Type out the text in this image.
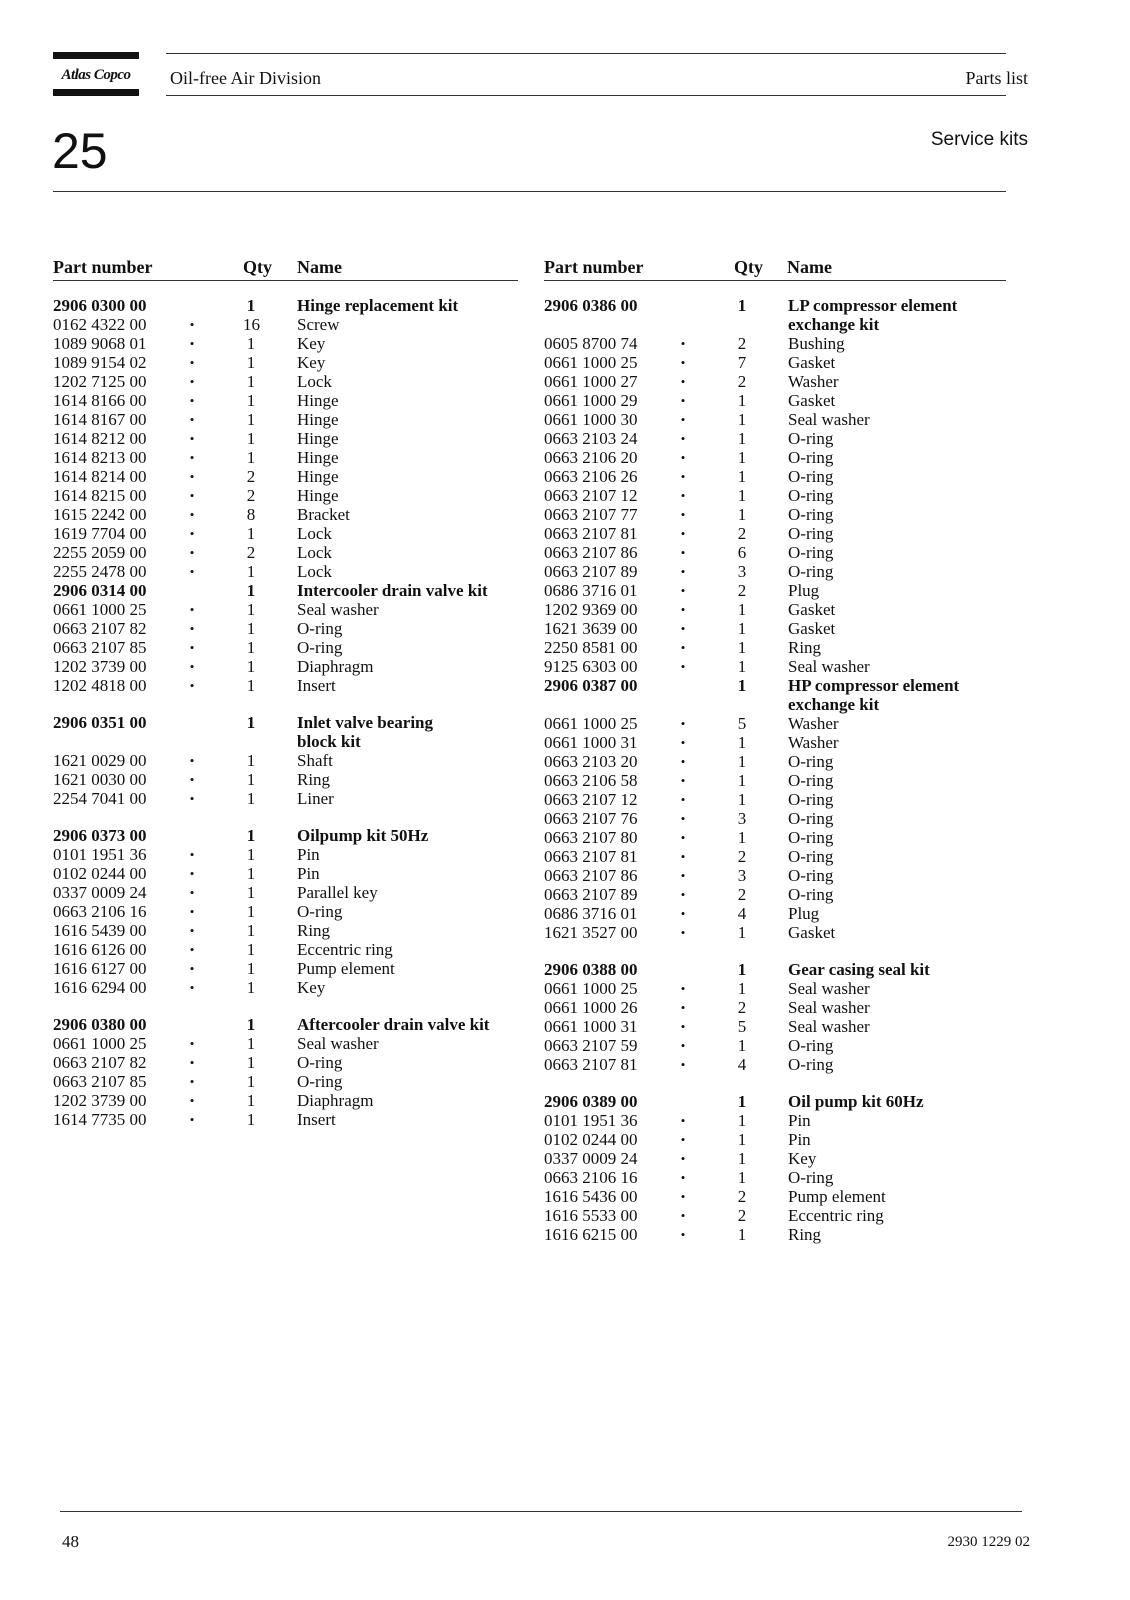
Atlas Copco	Oil-free Air Division	Parts list
25	Service kits
Part number	Qty Name	Part number	Qty Name
2906 0300 00	1 Hinge replacement kit
0162 4322 00	•	16 Screw
1089 9068 01	•	1 Key
1089 9154 02	•	1 Key
1202 7125 00	•	1 Lock
1614 8166 00	•	1 Hinge
1614 8167 00	•	1 Hinge
1614 8212 00	•	1 Hinge
1614 8213 00	•	1 Hinge
1614 8214 00	•	2 Hinge
1614 8215 00	•	2 Hinge
1615 2242 00	•	8 Bracket
1619 7704 00	•	1 Lock
2255 2059 00	•	2 Lock
2255 2478 00	•	1 Lock
2906 0314 00	1 Intercooler drain valve kit
0661 1000 25	•	1 Seal washer
0663 2107 82	•	1 O-ring
0663 2107 85	•	1 O-ring
1202 3739 00	•	1 Diaphragm
1202 4818 00	•	1 Insert
2906 0351 00	1 Inlet valve bearing
block kit
1621 0029 00	•	1 Shaft
1621 0030 00	•	1 Ring
2254 7041 00	•	1 Liner
2906 0373 00	1 Oilpump kit 50Hz
0101 1951 36	•	1 Pin
0102 0244 00	•	1 Pin
0337 0009 24	•	1 Parallel key
0663 2106 16	•	1 O-ring
1616 5439 00	•	1 Ring
1616 6126 00	•	1 Eccentric ring
1616 6127 00	•	1 Pump element
1616 6294 00	•	1 Key
2906 0380 00	1 Aftercooler drain valve kit
0661 1000 25	•	1 Seal washer
0663 2107 82	•	1 O-ring
0663 2107 85	•	1 O-ring
1202 3739 00	•	1 Diaphragm
1614 7735 00	•	1 Insert
2906 0386 00	1 LP compressor element
exchange kit
0605 8700 74	•	2 Bushing
0661 1000 25	•	7 Gasket
0661 1000 27	•	2 Washer
0661 1000 29	•	1 Gasket
0661 1000 30	•	1 Seal washer
0663 2103 24	•	1 O-ring
0663 2106 20	•	1 O-ring
0663 2106 26	•	1 O-ring
0663 2107 12	•	1 O-ring
0663 2107 77	•	1 O-ring
0663 2107 81	•	2 O-ring
0663 2107 86	•	6 O-ring
0663 2107 89	•	3 O-ring
0686 3716 01	•	2 Plug
1202 9369 00	•	1 Gasket
1621 3639 00	•	1 Gasket
2250 8581 00	•	1 Ring
9125 6303 00	•	1 Seal washer
2906 0387 00	1 HP compressor element
exchange kit
0661 1000 25	•	5 Washer
0661 1000 31	•	1 Washer
0663 2103 20	•	1 O-ring
0663 2106 58	•	1 O-ring
0663 2107 12	•	1 O-ring
0663 2107 76	•	3 O-ring
0663 2107 80	•	1 O-ring
0663 2107 81	•	2 O-ring
0663 2107 86	•	3 O-ring
0663 2107 89	•	2 O-ring
0686 3716 01	•	4 Plug
1621 3527 00	•	1 Gasket
2906 0388 00	1 Gear casing seal kit
0661 1000 25	•	1 Seal washer
0661 1000 26	•	2 Seal washer
0661 1000 31	•	5 Seal washer
0663 2107 59	•	1 O-ring
0663 2107 81	•	4 O-ring
2906 0389 00	1 Oil pump kit 60Hz
0101 1951 36	•	1 Pin
0102 0244 00	•	1 Pin
0337 0009 24	•	1 Key
0663 2106 16	•	1 O-ring
1616 5436 00	•	2 Pump element
1616 5533 00	•	2 Eccentric ring
1616 6215 00	•	1 Ring
48	2930 1229 02
